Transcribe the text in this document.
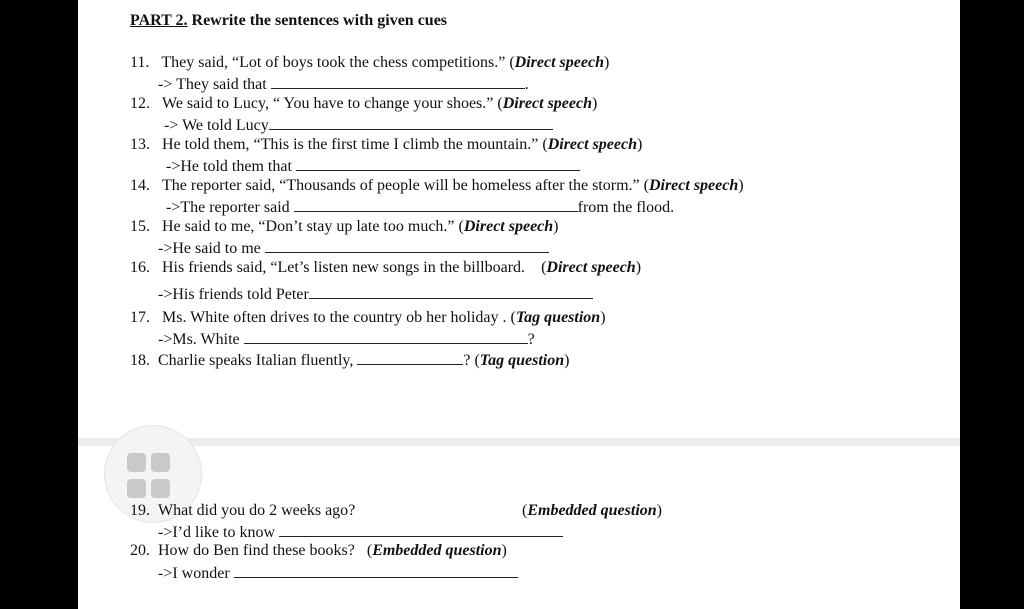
PART 2. Rewrite the sentences with given cues
11. They said, “Lot of boys took the chess competitions.” (Direct speech)
-> They said that	.
12. We said to Lucy, “ You have to change your shoes.” (Direct speech)
-> We told Lucy
13. He told them, “This is the first time I climb the mountain.” (Direct speech)
->He told them that
14. The reporter said, “Thousands of people will be homeless after the storm.” (Direct speech)
->The reporter said	from the flood.
15. He said to me, “Don’t stay up late too much.” (Direct speech)
->He said to me
16. His friends said, “Let’s listen new songs in the billboard.    (Direct speech)
->His friends told Peter
17. Ms. White often drives to the country ob her holiday . (Tag question)
->Ms. White	?
18. Charlie speaks Italian fluently,	? (Tag question)
19. What did you do 2 weeks ago?	(Embedded question)
->I’d like to know
20. How do Ben find these books?   (Embedded question)
->I wonder
